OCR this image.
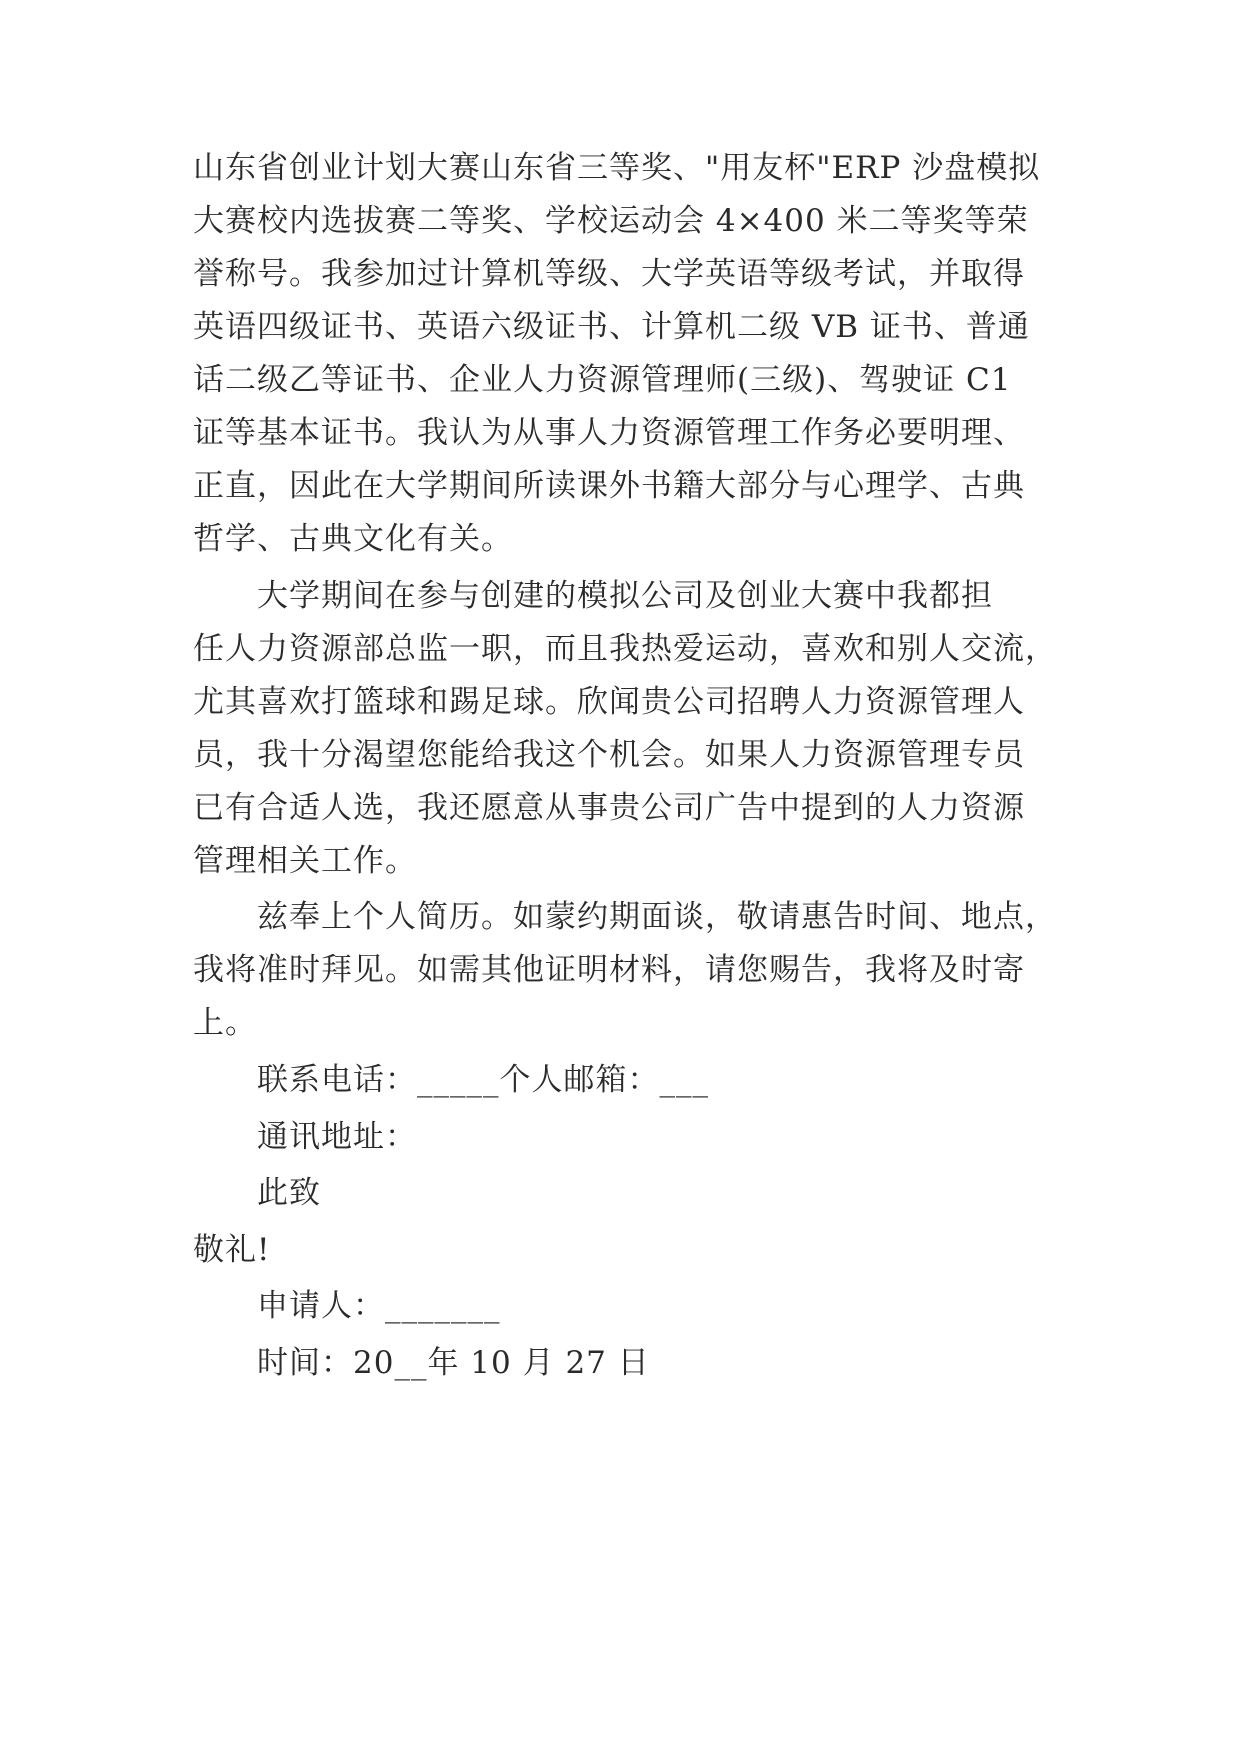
山东省创业计划大赛山东省三等奖、"用友杯"ERP 沙盘模拟
大赛校内选拔赛二等奖、学校运动会 4×400 米二等奖等荣
誉称号。我参加过计算机等级、大学英语等级考试，并取得
英语四级证书、英语六级证书、计算机二级 VB 证书、普通
话二级乙等证书、企业人力资源管理师(三级)、驾驶证 C1
证等基本证书。我认为从事人力资源管理工作务必要明理、
正直，因此在大学期间所读课外书籍大部分与心理学、古典
哲学、古典文化有关。
大学期间在参与创建的模拟公司及创业大赛中我都担
任人力资源部总监一职，而且我热爱运动，喜欢和别人交流，
尤其喜欢打篮球和踢足球。欣闻贵公司招聘人力资源管理人
员，我十分渴望您能给我这个机会。如果人力资源管理专员
已有合适人选，我还愿意从事贵公司广告中提到的人力资源
管理相关工作。
兹奉上个人简历。如蒙约期面谈，敬请惠告时间、地点，
我将准时拜见。如需其他证明材料，请您赐告，我将及时寄
上。
联系电话：_____个人邮箱：___
通讯地址：
此致
敬礼!
申请人：_______
时间：20__年 10 月 27 日
